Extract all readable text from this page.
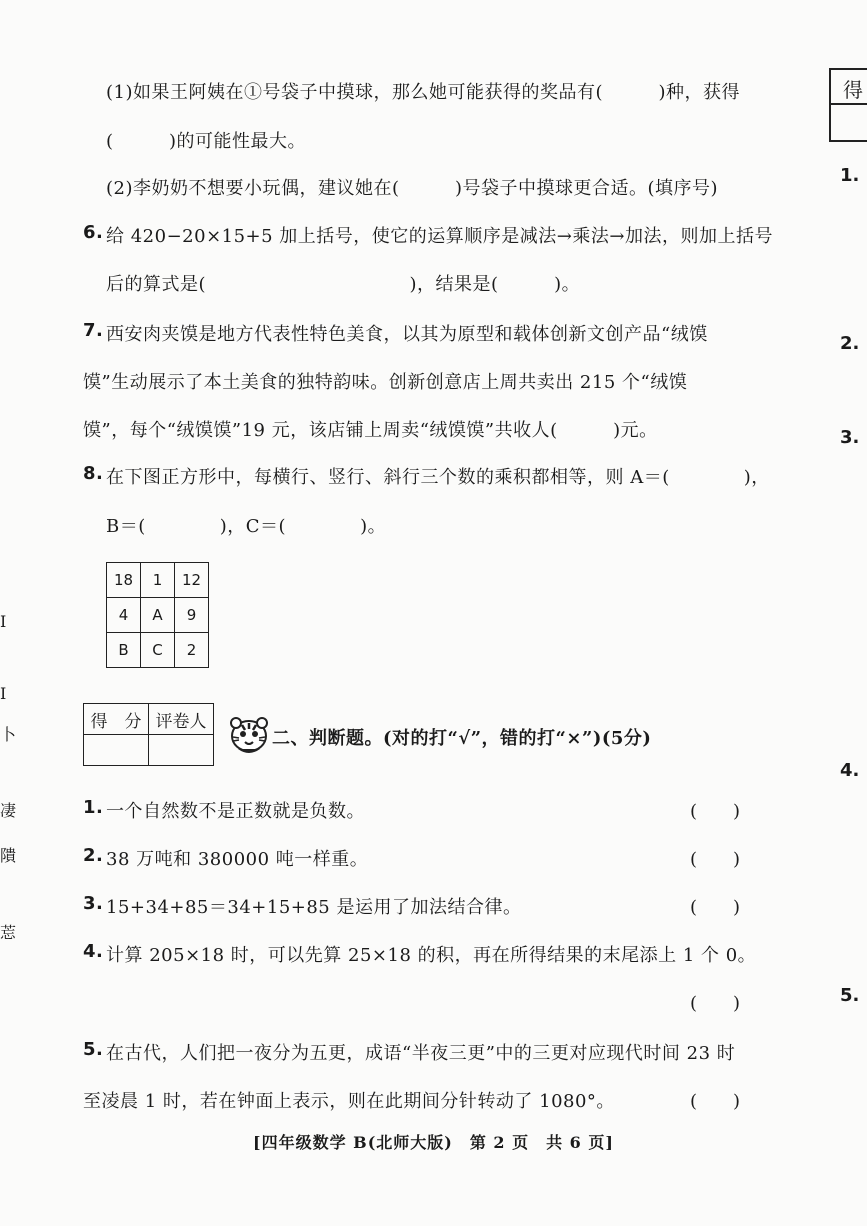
得
1.
2.
3.
4.
5.
I
I
卜
凄
隤
莣
(1)如果王阿姨在①号袋子中摸球，那么她可能获得的奖品有(　　　)种，获得
(　　　)的可能性最大。
(2)李奶奶不想要小玩偶，建议她在(　　　)号袋子中摸球更合适。(填序号)
6. 给 420−20×15+5 加上括号，使它的运算顺序是减法→乘法→加法，则加上括号
后的算式是(　　　　　　　　　　　)，结果是(　　　)。
7. 西安肉夹馍是地方代表性特色美食，以其为原型和载体创新文创产品“绒馍
馍”生动展示了本土美食的独特韵味。创新创意店上周共卖出 215 个“绒馍
馍”，每个“绒馍馍”19 元，该店铺上周卖“绒馍馍”共收人(　　　)元。
8. 在下图正方形中，每横行、竖行、斜行三个数的乘积都相等，则 A＝(　　　　)，
B＝(　　　　)，C＝(　　　　)。
18	1	12
4	A	9
B	C	2
得　分	评卷人

二、判断题。(对的打“√”，错的打“×”)(5分)
1. 一个自然数不是正数就是负数。	(　　)
2. 38 万吨和 380000 吨一样重。	(　　)
3. 15+34+85＝34+15+85 是运用了加法结合律。	(　　)
4. 计算 205×18 时，可以先算 25×18 的积，再在所得结果的末尾添上 1 个 0。
(　　)
5. 在古代，人们把一夜分为五更，成语“半夜三更”中的三更对应现代时间 23 时
至凌晨 1 时，若在钟面上表示，则在此期间分针转动了 1080°。	(　　)
[四年级数学 B(北师大版)　第 2 页　共 6 页]
